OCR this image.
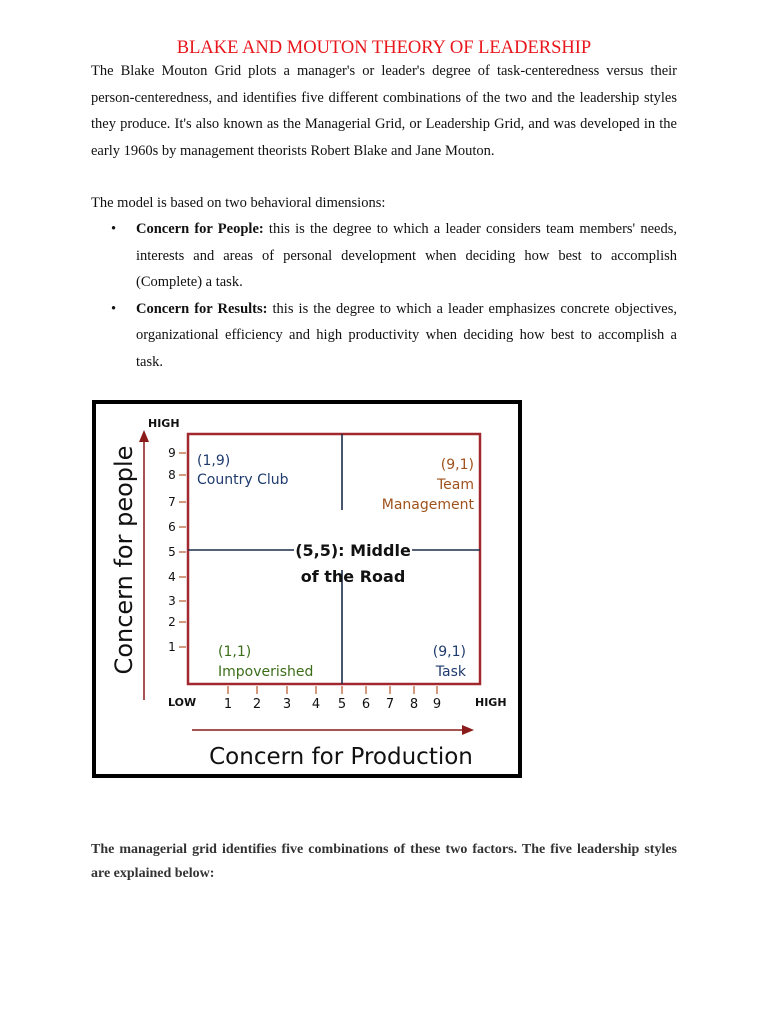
BLAKE AND MOUTON THEORY OF LEADERSHIP
The Blake Mouton Grid plots a manager's or leader's degree of task-centeredness versus their person-centeredness, and identifies five different combinations of the two and the leadership styles they produce. It's also known as the Managerial Grid, or Leadership Grid, and was developed in the early 1960s by management theorists Robert Blake and Jane Mouton.
The model is based on two behavioral dimensions:
• Concern for People: this is the degree to which a leader considers team members' needs, interests and areas of personal development when deciding how best to accomplish (Complete) a task.
• Concern for Results: this is the degree to which a leader emphasizes concrete objectives, organizational efficiency and high productivity when deciding how best to accomplish a task.
Concern for people
Concern for Production
HIGH
LOW	HIGH
9
8
7
6
5
4
3
2
1
1 2 3 4 5 6 7 8 9
(1,9)
Country Club
(9,1)
Team
Management
(5,5): Middle
of the Road
(1,1)
Impoverished
(9,1)
Task
The managerial grid identifies five combinations of these two factors. The five leadership styles are explained below:
